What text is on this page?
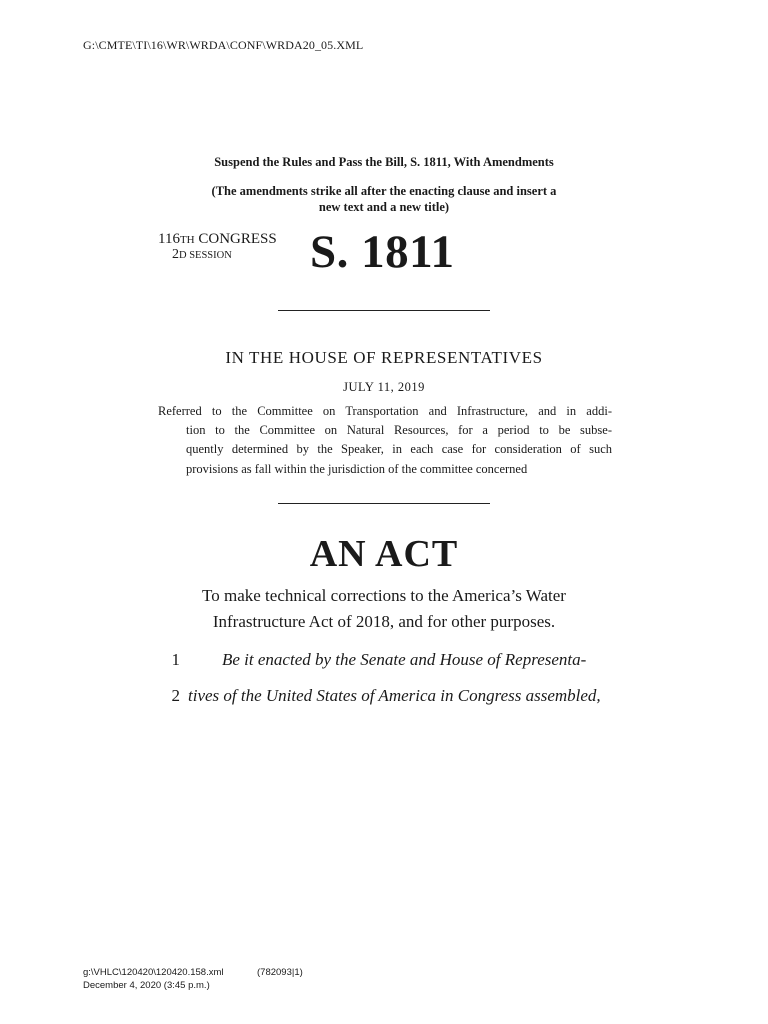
G:\CMTE\TI\16\WR\WRDA\CONF\WRDA20_05.XML
Suspend the Rules and Pass the Bill, S. 1811, With Amendments
(The amendments strike all after the enacting clause and insert a
new text and a new title)
116TH CONGRESS
2D SESSION S. 1811
IN THE HOUSE OF REPRESENTATIVES
JULY 11, 2019
Referred to the Committee on Transportation and Infrastructure, and in addi-
tion to the Committee on Natural Resources, for a period to be subse-
quently determined by the Speaker, in each case for consideration of such
provisions as fall within the jurisdiction of the committee concerned
AN ACT
To make technical corrections to the America’s Water
Infrastructure Act of 2018, and for other purposes.
1 Be it enacted by the Senate and House of Representa-
2 tives of the United States of America in Congress assembled,
g:\VHLC\120420\120420.158.xml	(782093|1)
December 4, 2020 (3:45 p.m.)
